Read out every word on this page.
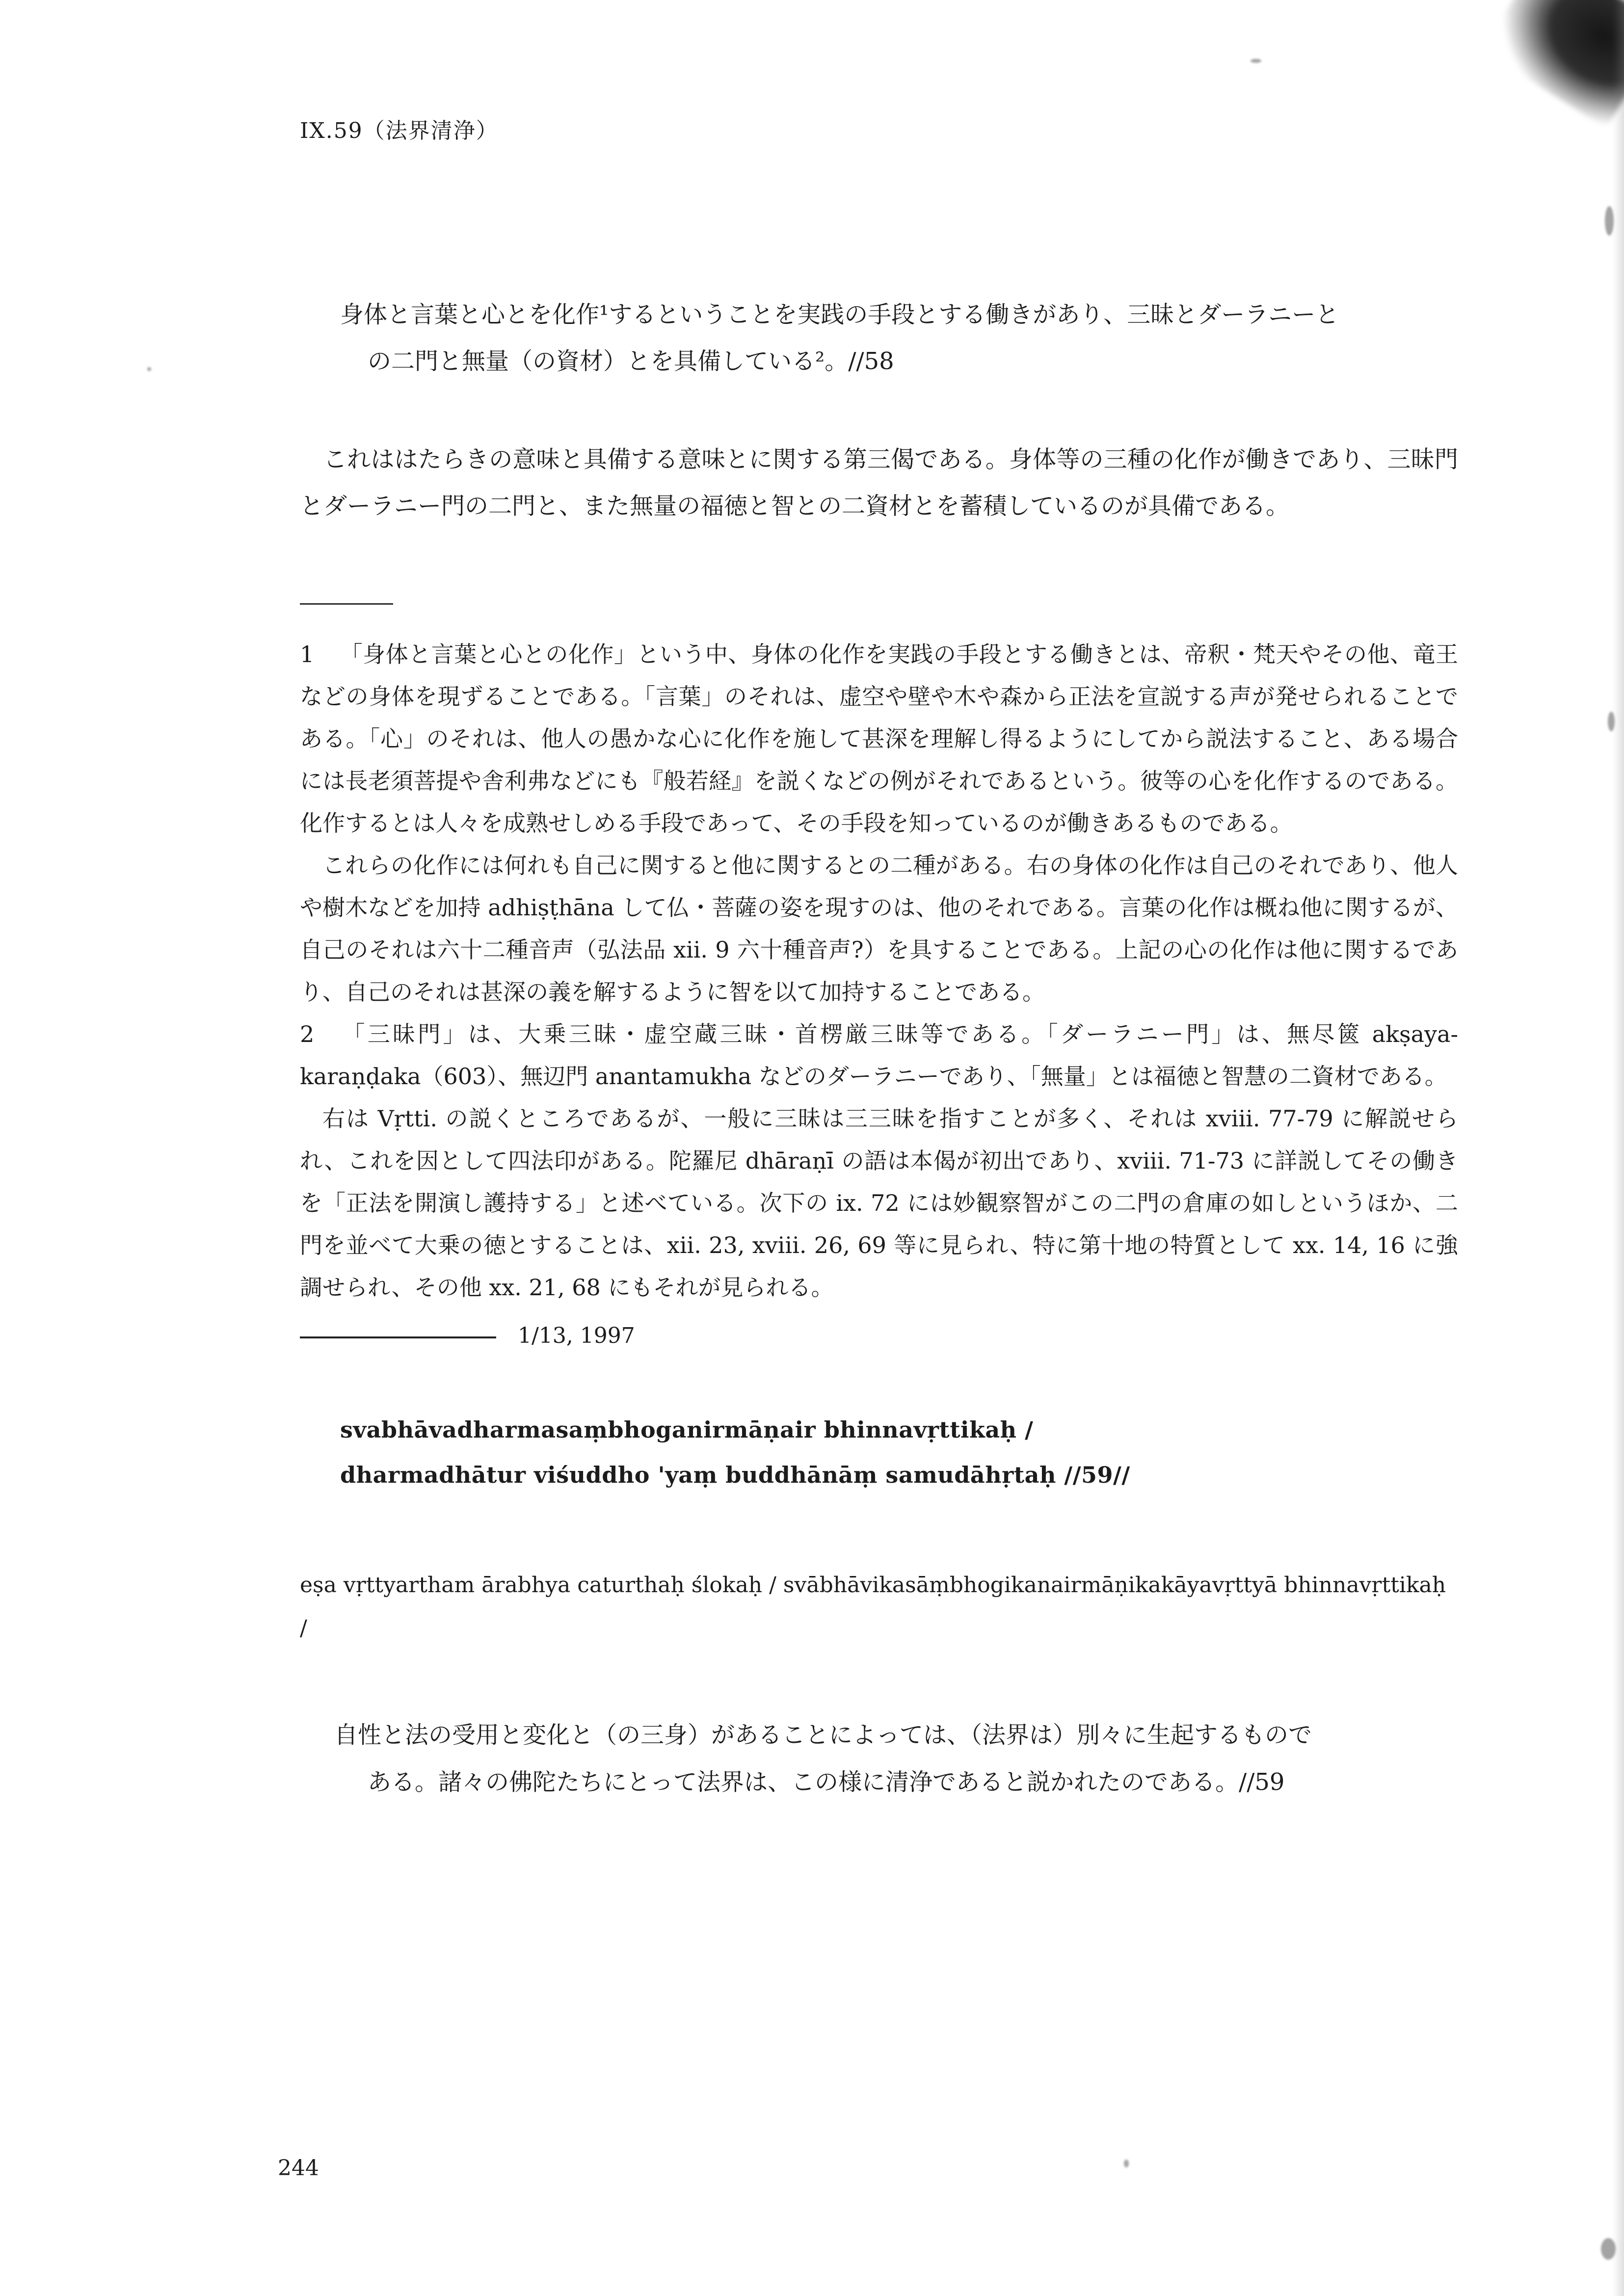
IX.59（法界清浄）
身体と言葉と心とを化作¹するということを実践の手段とする働きがあり、三昧とダーラニーと
の二門と無量（の資材）とを具備している²。//58
これははたらきの意味と具備する意味とに関する第三偈である。身体等の三種の化作が働きであり、三昧門とダーラニー門の二門と、また無量の福徳と智との二資材とを蓄積しているのが具備である。

1 「身体と言葉と心との化作」という中、身体の化作を実践の手段とする働きとは、帝釈・梵天やその他、竜王などの身体を現ずることである。「言葉」のそれは、虚空や壁や木や森から正法を宣説する声が発せられることである。「心」のそれは、他人の愚かな心に化作を施して甚深を理解し得るようにしてから説法すること、ある場合には長老須菩提や舎利弗などにも『般若経』を説くなどの例がそれであるという。彼等の心を化作するのである。化作するとは人々を成熟せしめる手段であって、その手段を知っているのが働きあるものである。

これらの化作には何れも自己に関すると他に関するとの二種がある。右の身体の化作は自己のそれであり、他人や樹木などを加持 adhiṣṭhāna して仏・菩薩の姿を現すのは、他のそれである。言葉の化作は概ね他に関するが、自己のそれは六十二種音声（弘法品 xii. 9 六十種音声?）を具することである。上記の心の化作は他に関するであり、自己のそれは甚深の義を解するように智を以て加持することである。

2 「三昧門」は、大乗三昧・虚空蔵三昧・首楞厳三昧等である。「ダーラニー門」は、無尽篋 akṣaya-karaṇḍaka（603）、無辺門 anantamukha などのダーラニーであり、「無量」とは福徳と智慧の二資材である。

右は Vṛtti. の説くところであるが、一般に三昧は三三昧を指すことが多く、それは xviii. 77-79 に解説せられ、これを因として四法印がある。陀羅尼 dhāraṇī の語は本偈が初出であり、xviii. 71-73 に詳説してその働きを「正法を開演し護持する」と述べている。次下の ix. 72 には妙観察智がこの二門の倉庫の如しというほか、二門を並べて大乗の徳とすることは、xii. 23, xviii. 26, 69 等に見られ、特に第十地の特質として xx. 14, 16 に強調せられ、その他 xx. 21, 68 にもそれが見られる。

1/13, 1997
svabhāvadharmasaṃbhoganirmāṇair bhinnavṛttikaḥ /
dharmadhātur viśuddho 'yaṃ buddhānāṃ samudāhṛtaḥ //59//
eṣa vṛttyartham ārabhya caturthaḥ ślokaḥ / svābhāvikasāṃbhogikanairmāṇikakāyavṛttyā bhinnavṛttikaḥ /
自性と法の受用と変化と（の三身）があることによっては、（法界は）別々に生起するもので
ある。諸々の佛陀たちにとって法界は、この様に清浄であると説かれたのである。//59
244
